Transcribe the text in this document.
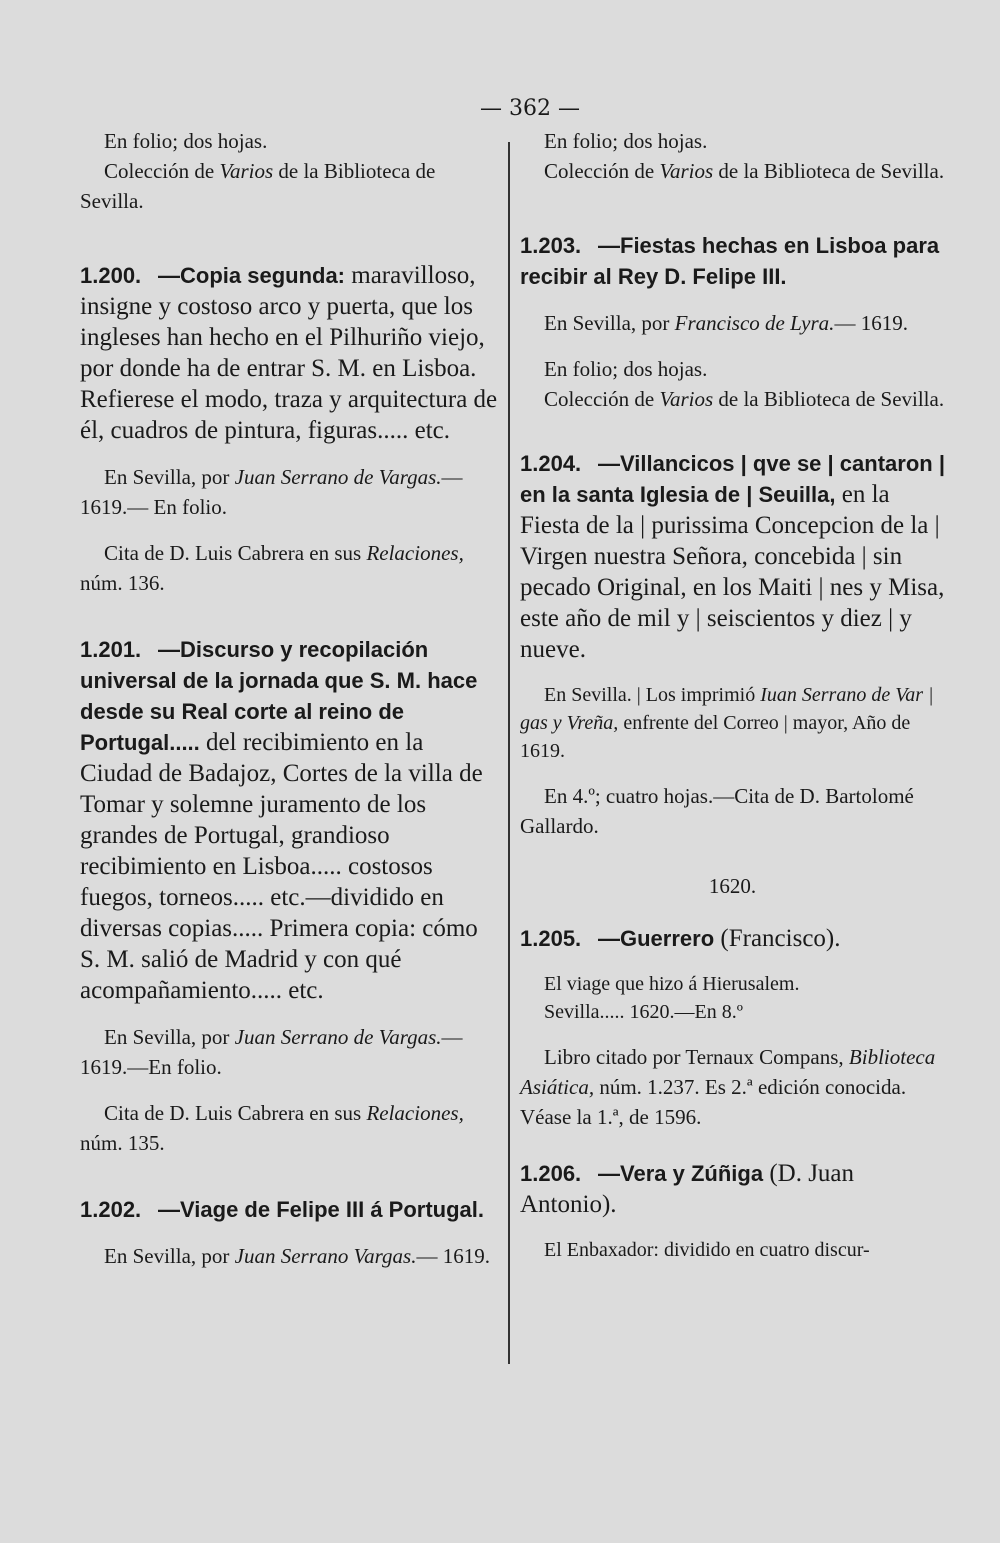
— 362 —

En folio; dos hojas.

Colección de Varios de la Biblioteca de Sevilla.

1.200. —Copia segunda: maravilloso, insigne y costoso arco y puerta, que los ingleses han hecho en el Pilhuriño viejo, por donde ha de entrar S. M. en Lisboa. Refierese el modo, traza y arquitectura de él, cuadros de pintura, figuras..... etc.

En Sevilla, por Juan Serrano de Vargas.— 1619.— En folio.

Cita de D. Luis Cabrera en sus Relaciones, núm. 136.

1.201. —Discurso y recopilación universal de la jornada que S. M. hace desde su Real corte al reino de Portugal..... del recibimiento en la Ciudad de Badajoz, Cortes de la villa de Tomar y solemne juramento de los grandes de Portugal, grandioso recibimiento en Lisboa..... costosos fuegos, torneos..... etc.—dividido en diversas copias..... Primera copia: cómo S. M. salió de Madrid y con qué acompañamiento..... etc.

En Sevilla, por Juan Serrano de Vargas.— 1619.—En folio.

Cita de D. Luis Cabrera en sus Relaciones, núm. 135.

1.202. —Viage de Felipe III á Portugal.

En Sevilla, por Juan Serrano Vargas.— 1619.

En folio; dos hojas.

Colección de Varios de la Biblioteca de Sevilla.

1.203. —Fiestas hechas en Lisboa para recibir al Rey D. Felipe III.

En Sevilla, por Francisco de Lyra.— 1619.

En folio; dos hojas.

Colección de Varios de la Biblioteca de Sevilla.

1.204. —Villancicos | qve se | cantaron | en la santa Iglesia de | Seuilla, en la Fiesta de la | purissima Concepcion de la | Virgen nuestra Señora, concebida | sin pecado Original, en los Maiti | nes y Misa, este año de mil y | seiscientos y diez | y nueve.

En Sevilla. | Los imprimió Iuan Serrano de Var | gas y Vreña, enfrente del Correo | mayor, Año de 1619.

En 4.º; cuatro hojas.—Cita de D. Bartolomé Gallardo.

1620.

1.205. —Guerrero (Francisco).

El viage que hizo á Hierusalem.

Sevilla..... 1620.—En 8.º

Libro citado por Ternaux Compans, Biblioteca Asiática, núm. 1.237. Es 2.ª edición conocida. Véase la 1.ª, de 1596.

1.206. —Vera y Zúñiga (D. Juan Antonio).

El Enbaxador: dividido en cuatro discur-
